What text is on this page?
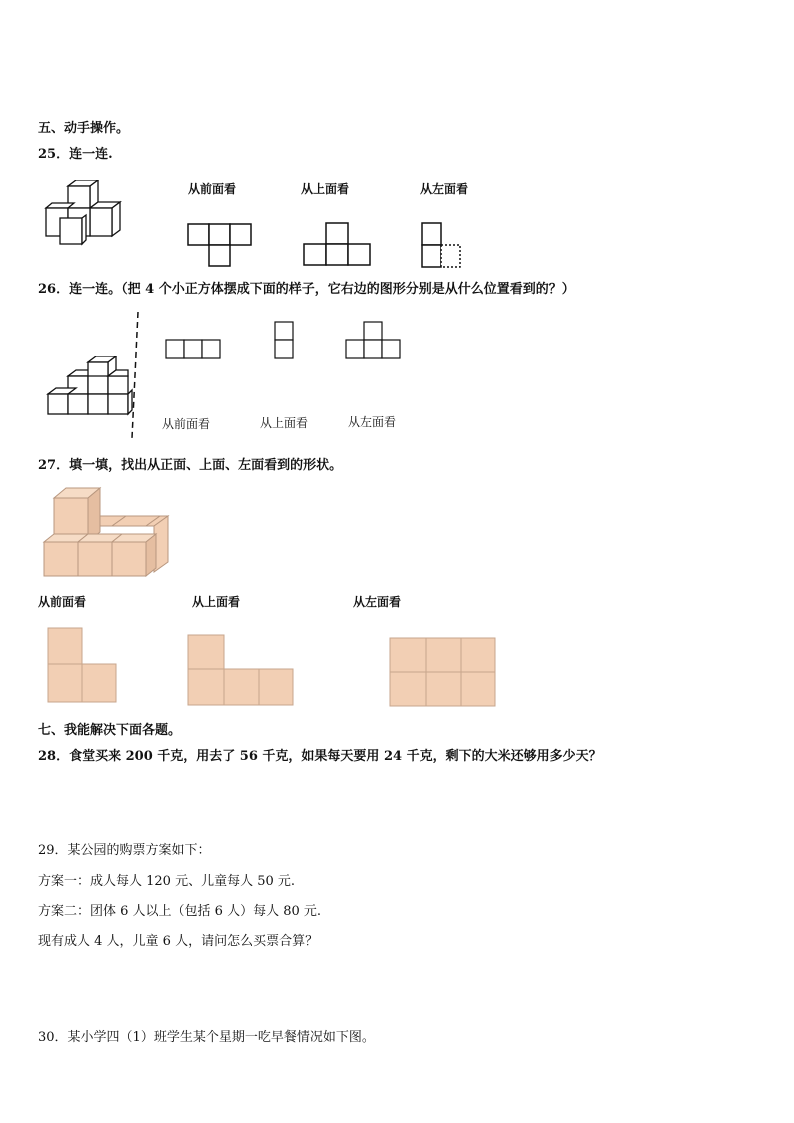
五、动手操作。
25．连一连.
从前面看	从上面看	从左面看
26．连一连。（把 4 个小正方体摆成下面的样子，它右边的图形分别是从什么位置看到的？）
从前面看	从上面看	从左面看
27．填一填，找出从正面、上面、左面看到的形状。
从前面看	从上面看	从左面看
七、我能解决下面各题。
28．食堂买来 200 千克，用去了 56 千克，如果每天要用 24 千克，剩下的大米还够用多少天？
29．某公园的购票方案如下：
方案一：成人每人 120 元、儿童每人 50 元.
方案二：团体 6 人以上（包括 6 人）每人 80 元.
现有成人 4 人，儿童 6 人，请问怎么买票合算？
30．某小学四（1）班学生某个星期一吃早餐情况如下图。
